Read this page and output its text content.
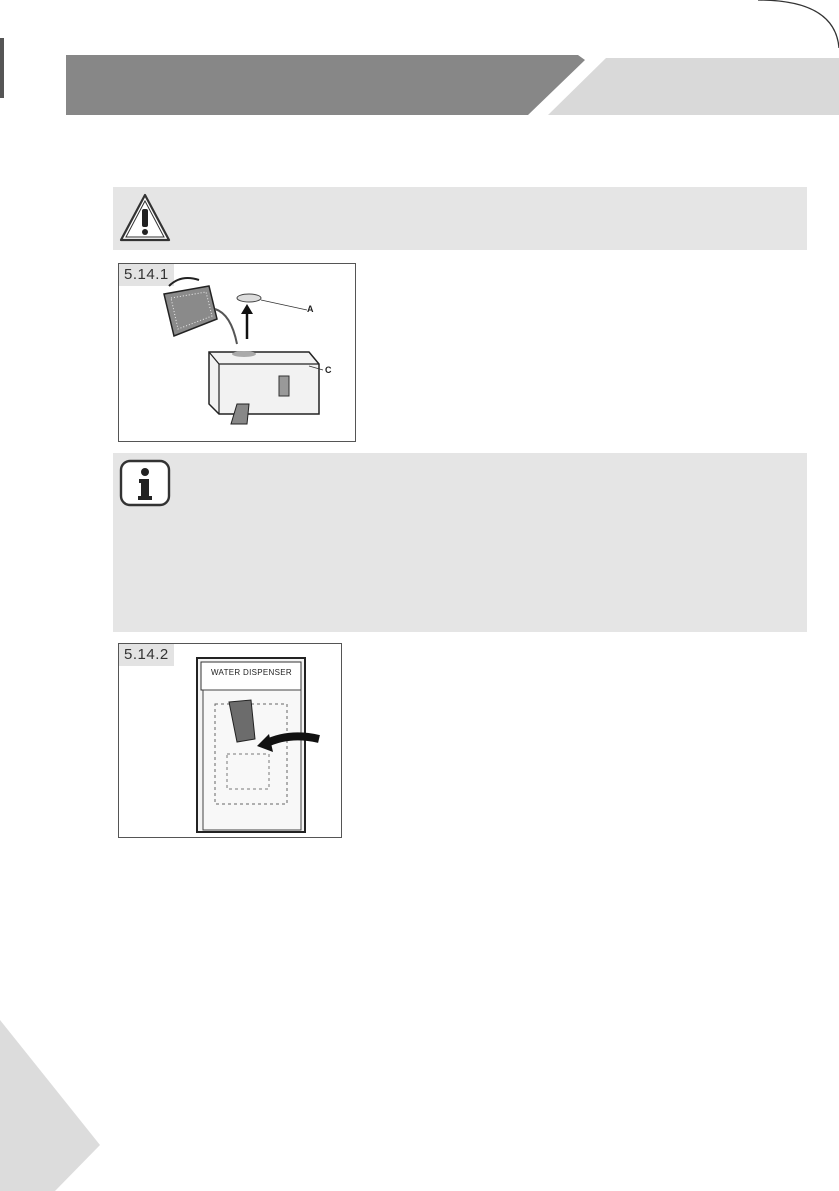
5.14.1
A
C
5.14.2
WATER DISPENSER
